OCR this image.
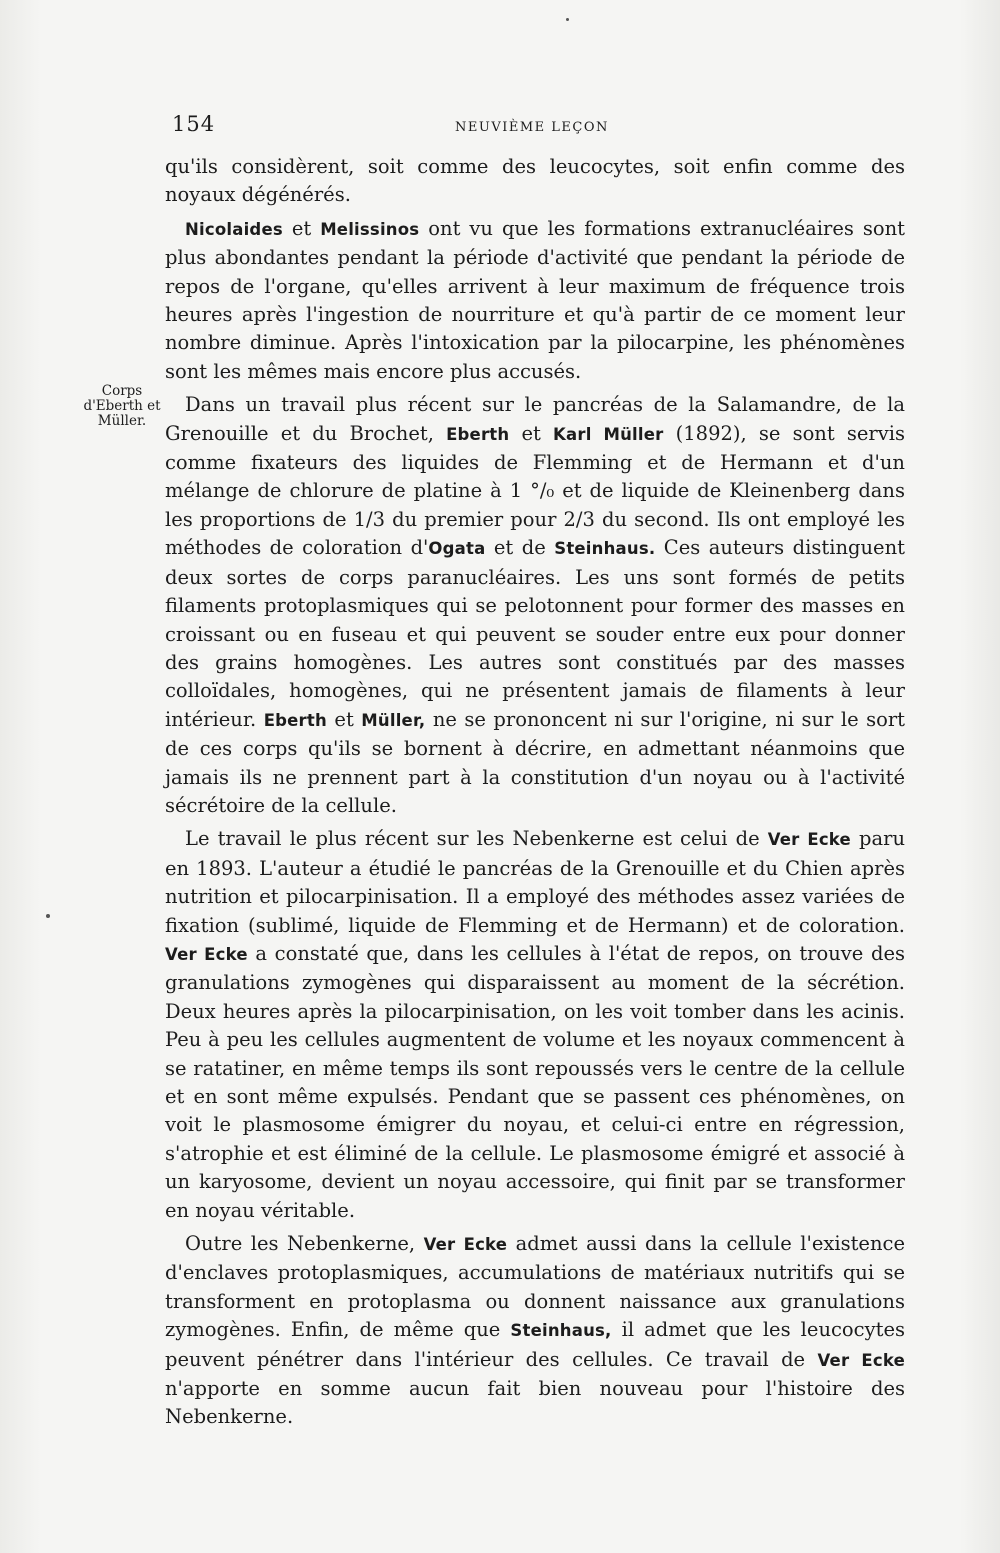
154	NEUVIÈME LEÇON
Corps
d'Eberth et
Müller.

qu'ils considèrent, soit comme des leucocytes, soit enfin comme des noyaux dégénérés.

Nicolaides et Melissinos ont vu que les formations extranucléaires sont plus abondantes pendant la période d'activité que pendant la période de repos de l'organe, qu'elles arrivent à leur maximum de fréquence trois heures après l'ingestion de nourriture et qu'à partir de ce moment leur nombre diminue. Après l'intoxication par la pilocarpine, les phénomènes sont les mêmes mais encore plus accusés.

Dans un travail plus récent sur le pancréas de la Salamandre, de la Grenouille et du Brochet, Eberth et Karl Müller (1892), se sont servis comme fixateurs des liquides de Flemming et de Hermann et d'un mélange de chlorure de platine à 1 °/₀ et de liquide de Kleinenberg dans les proportions de 1/3 du premier pour 2/3 du second. Ils ont employé les méthodes de coloration d'Ogata et de Steinhaus. Ces auteurs distinguent deux sortes de corps paranucléaires. Les uns sont formés de petits filaments protoplasmiques qui se pelotonnent pour former des masses en croissant ou en fuseau et qui peuvent se souder entre eux pour donner des grains homogènes. Les autres sont constitués par des masses colloïdales, homogènes, qui ne présentent jamais de filaments à leur intérieur. Eberth et Müller, ne se prononcent ni sur l'origine, ni sur le sort de ces corps qu'ils se bornent à décrire, en admettant néanmoins que jamais ils ne prennent part à la constitution d'un noyau ou à l'activité sécrétoire de la cellule.

Le travail le plus récent sur les Nebenkerne est celui de Ver Ecke paru en 1893. L'auteur a étudié le pancréas de la Grenouille et du Chien après nutrition et pilocarpinisation. Il a employé des méthodes assez variées de fixation (sublimé, liquide de Flemming et de Hermann) et de coloration. Ver Ecke a constaté que, dans les cellules à l'état de repos, on trouve des granulations zymogènes qui disparaissent au moment de la sécrétion. Deux heures après la pilocarpinisation, on les voit tomber dans les acinis. Peu à peu les cellules augmentent de volume et les noyaux commencent à se ratatiner, en même temps ils sont repoussés vers le centre de la cellule et en sont même expulsés. Pendant que se passent ces phénomènes, on voit le plasmosome émigrer du noyau, et celui-ci entre en régression, s'atrophie et est éliminé de la cellule. Le plasmosome émigré et associé à un karyosome, devient un noyau accessoire, qui finit par se transformer en noyau véritable.

Outre les Nebenkerne, Ver Ecke admet aussi dans la cellule l'existence d'enclaves protoplasmiques, accumulations de matériaux nutritifs qui se transforment en protoplasma ou donnent naissance aux granulations zymogènes. Enfin, de même que Steinhaus, il admet que les leucocytes peuvent pénétrer dans l'intérieur des cellules. Ce travail de Ver Ecke n'apporte en somme aucun fait bien nouveau pour l'histoire des Nebenkerne.
